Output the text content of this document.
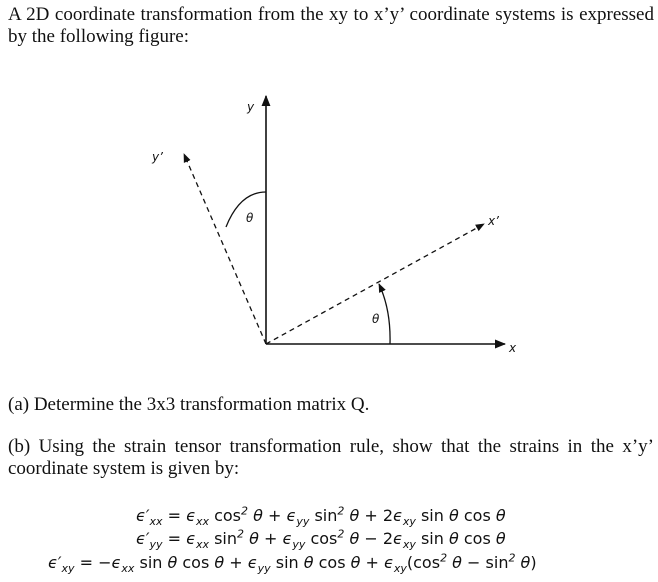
A 2D coordinate transformation from the xy to x’y’ coordinate systems is expressed by the following figure:

y
y’
x
x’
θ
θ

(a) Determine the 3x3 transformation matrix Q.

(b) Using the strain tensor transformation rule, show that the strains in the x’y’ coordinate system is given by:

$\epsilon'_{xx} = \epsilon_{xx}$ $\cos^2 \theta + \epsilon_{yy}$ $\sin^2 \theta + 2\epsilon_{xy}$ sin θ cos θ
$\epsilon'_{yy} = \epsilon_{xx}$ $\sin^2 \theta + \epsilon_{yy}$ $\cos^2 \theta - 2\epsilon_{xy}$ sin θ cos θ
$\epsilon'_{xy} = -\epsilon_{xx}$ sin θ $\cos \theta + \epsilon_{yy}$ sin θ $\cos \theta + \epsilon_{xy}(\cos^2$ $\theta - \sin^2 \theta$)
